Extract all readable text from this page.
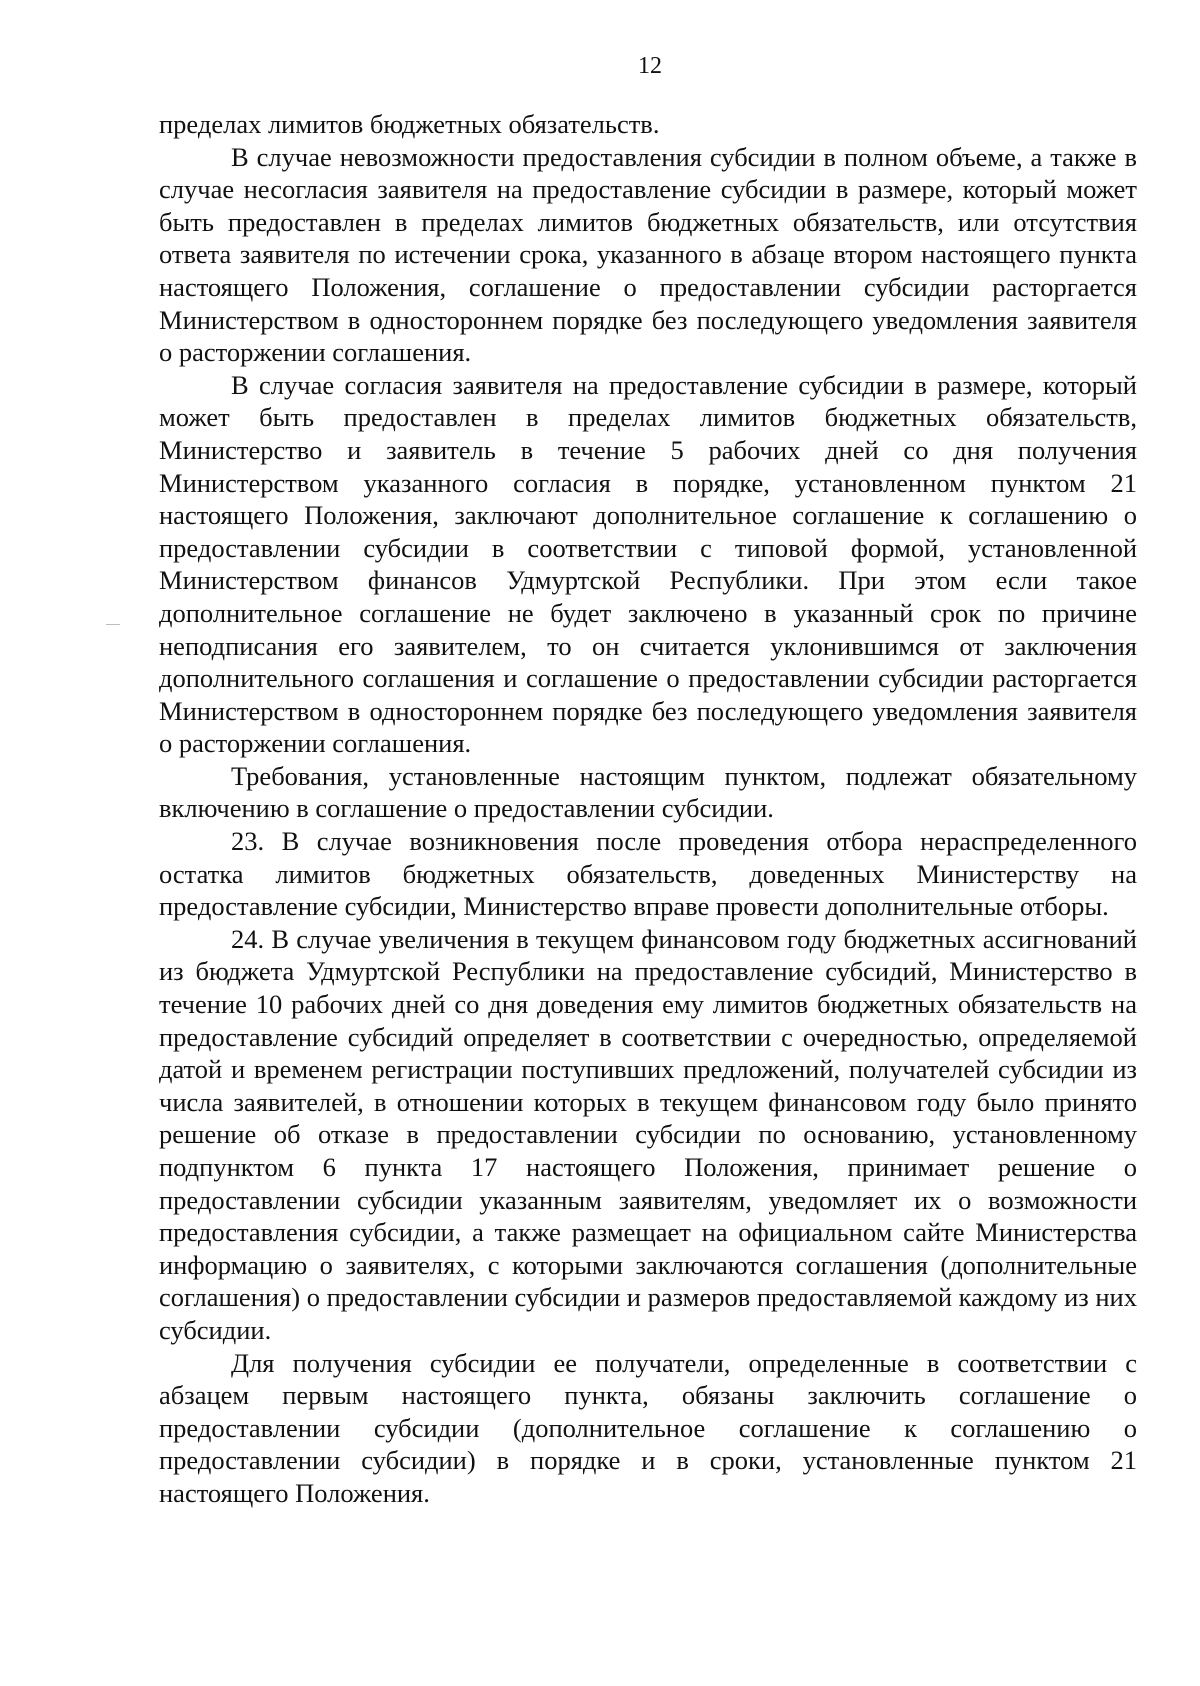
12

пределах лимитов бюджетных обязательств.

В случае невозможности предоставления субсидии в полном объеме, а также в случае несогласия заявителя на предоставление субсидии в размере, который может быть предоставлен в пределах лимитов бюджетных обязательств, или отсутствия ответа заявителя по истечении срока, указанного в абзаце втором настоящего пункта настоящего Положения, соглашение о предоставлении субсидии расторгается Министерством в одностороннем порядке без последующего уведомления заявителя о расторжении соглашения.

В случае согласия заявителя на предоставление субсидии в размере, который может быть предоставлен в пределах лимитов бюджетных обязательств, Министерство и заявитель в течение 5 рабочих дней со дня получения Министерством указанного согласия в порядке, установленном пунктом 21 настоящего Положения, заключают дополнительное соглашение к соглашению о предоставлении субсидии в соответствии с типовой формой, установленной Министерством финансов Удмуртской Республики. При этом если такое дополнительное соглашение не будет заключено в указанный срок по причине неподписания его заявителем, то он считается уклонившимся от заключения дополнительного соглашения и соглашение о предоставлении субсидии расторгается Министерством в одностороннем порядке без последующего уведомления заявителя о расторжении соглашения.

Требования, установленные настоящим пунктом, подлежат обязательному включению в соглашение о предоставлении субсидии.

23. В случае возникновения после проведения отбора нераспределенного остатка лимитов бюджетных обязательств, доведенных Министерству на предоставление субсидии, Министерство вправе провести дополнительные отборы.

24. В случае увеличения в текущем финансовом году бюджетных ассигнований из бюджета Удмуртской Республики на предоставление субсидий, Министерство в течение 10 рабочих дней со дня доведения ему лимитов бюджетных обязательств на предоставление субсидий определяет в соответствии с очередностью, определяемой датой и временем регистрации поступивших предложений, получателей субсидии из числа заявителей, в отношении которых в текущем финансовом году было принято решение об отказе в предоставлении субсидии по основанию, установленному подпунктом 6 пункта 17 настоящего Положения, принимает решение о предоставлении субсидии указанным заявителям, уведомляет их о возможности предоставления субсидии, а также размещает на официальном сайте Министерства информацию о заявителях, с которыми заключаются соглашения (дополнительные соглашения) о предоставлении субсидии и размеров предоставляемой каждому из них субсидии.

Для получения субсидии ее получатели, определенные в соответствии с абзацем первым настоящего пункта, обязаны заключить соглашение о предоставлении субсидии (дополнительное соглашение к соглашению о предоставлении субсидии) в порядке и в сроки, установленные пунктом 21 настоящего Положения.
